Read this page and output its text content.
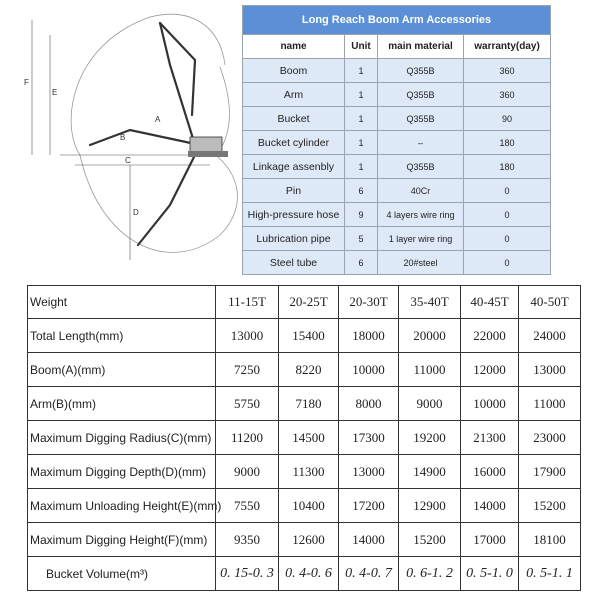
F
E
A
B
C
D
Long Reach Boom Arm Accessories			
name	Unit	main material	warranty(day)
Boom	1	Q355B	360
Arm	1	Q355B	360
Bucket	1	Q355B	90
Bucket cylinder	1	–	180
Linkage assenbly	1	Q355B	180
Pin	6	40Cr	0
High-pressure hose	9	4 layers wire ring	0
Lubrication pipe	5	1 layer wire ring	0
Steel tube	6	20#steel	0
Weight	11-15T	20-25T	20-30T	35-40T	40-45T	40-50T
Total Length(mm)	13000	15400	18000	20000	22000	24000
Boom(A)(mm)	7250	8220	10000	11000	12000	13000
Arm(B)(mm)	5750	7180	8000	9000	10000	11000
Maximum Digging Radius(C)(mm)	11200	14500	17300	19200	21300	23000
Maximum Digging Depth(D)(mm)	9000	11300	13000	14900	16000	17900
Maximum Unloading Height(E)(mm)	7550	10400	17200	12900	14000	15200
Maximum Digging Height(F)(mm)	9350	12600	14000	15200	17000	18100
Bucket Volume(m³)	0. 15-0. 3	0. 4-0. 6	0. 4-0. 7	0. 6-1. 2	0. 5-1. 0	0. 5-1. 1
